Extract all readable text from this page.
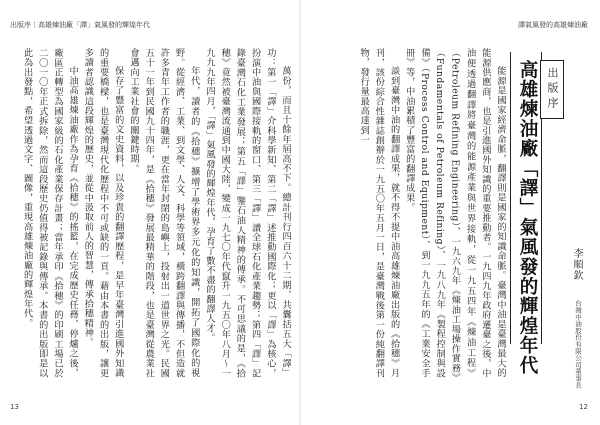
出版序｜高雄煉油廠「譯」氣風發的輝煌年代

萬份，而且十餘年屆高不下。總計刊行四百六十二期，共囊括五大「譯」功：第一「譯」介科學新知、第二「譯」述推動國際化；更以「譯」為核心，扮演中油與國際接軌的窗口、第三「譯」讀全球石化產業趨勢；第四「譯」記錄臺灣石化工業發展；第五「譯」鑒石油人精神的傳承。不可思議的是，《拾穗》竟然被臺灣流通到中國大陸，變成一九七〇年代竄升一九五〇年八月～一九九九年四月，「譯」氣風發的輝煌年代，孕育了數不盡的翻譯人才。

年代，讀者的《拾穗》擴增了學術界多元化的知識，開拓了國際化的視野。從經濟、工業、到文學、人文、科學等領域，橫跨翻譯與傳播，不但造就許多青年工作者的職涯，更在當年封閉的島嶼上，投射出一道世界之光。民國五十一年到民國九十四年，是《拾穗》發展最精華的階段，也是臺灣從農業社會邁向工業社會的關鍵時期。

保存了豐富的文史資料，以及珍貴的翻譯歷程，是早年臺灣引進國外知識的重要橋樑，也是臺灣現代化歷程中不可或缺的一頁。藉由本書的出版，讓更多讀者認識這段輝煌的歷史，並從中汲取前人的智慧，傳承拾穗精神。

中油高雄煉油廠作為孕育《拾穗》的搖籃，在完成歷史任務、停爐之後，廠區正轉型為國家級的石化產業保存計畫；當年承印《拾穗》的印刷工場已於二〇一〇年正式拆除，然而這段歷史仍值得被記錄與傳承。本書的出版即是以此為出發點，希望透過文字、圖像，重現高雄煉油廠的輝煌年代。

13
譯氣風發的高雄煉油廠

能源是國家經濟命脈，翻譯則是國家的知識命脈。臺灣中油是臺灣最大的能源供應商，也是引進國外知識的重要推動者。一九四九年政府遷臺之後，中油便透過翻譯將臺灣的能源產業與世界接軌，從一九五四年《煉油工程》（Petroleum Refining Engineering）、一九六九年《煉油工場操作實務》（Fundamentals of Petroleum Refining）、一九八九年《製程控制與設備》（Process Control and Equipment）、到一九九五年的《工業安全手冊》等，中油累積了豐富的翻譯成果。

談到臺灣中油的翻譯成果，就不得不提中油高雄煉油廠出版的《拾穗》月刊，該份綜合性雜誌創辦於一九五〇年五月一日，是臺灣戰後第一份純翻譯刊物，發行量最高達到一	高雄煉油廠「譯」氣風發的輝煌年代 出版序
李順欽
台灣中油股份有限公司董事長
12
